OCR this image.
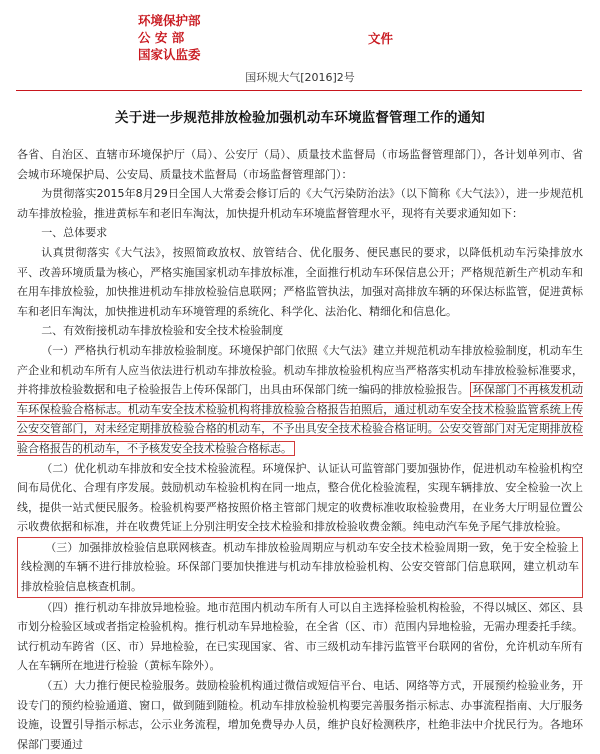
环境保护部
公 安 部
国家认监委
文件
国环规大气[2016]2号
关于进一步规范排放检验加强机动车环境监督管理工作的通知

各省、自治区、直辖市环境保护厅（局）、公安厅（局）、质量技术监督局（市场监督管理部门），各计划单列市、省会城市环境保护局、公安局、质量技术监督局（市场监督管理部门）：

为贯彻落实2015年8月29日全国人大常委会修订后的《大气污染防治法》（以下简称《大气法》），进一步规范机动车排放检验，推进黄标车和老旧车淘汰，加快提升机动车环境监督管理水平，现将有关要求通知如下：

一、总体要求

认真贯彻落实《大气法》，按照简政放权、放管结合、优化服务、便民惠民的要求，以降低机动车污染排放水平、改善环境质量为核心，严格实施国家机动车排放标准，全面推行机动车环保信息公开；严格规范新生产机动车和在用车排放检验，加快推进机动车排放检验信息联网；严格监管执法，加强对高排放车辆的环保达标监管，促进黄标车和老旧车淘汰，加快推进机动车环境管理的系统化、科学化、法治化、精细化和信息化。

二、有效衔接机动车排放检验和安全技术检验制度

（一）严格执行机动车排放检验制度。环境保护部门依照《大气法》建立并规范机动车排放检验制度，机动车生产企业和机动车所有人应当依法进行机动车排放检验。机动车排放检验机构应当严格落实机动车排放检验标准要求，并将排放检验数据和电子检验报告上传环保部门，出具由环保部门统一编码的排放检验报告。 环保部门不再核发机动车环保检验合格标志。机动车安全技术检验机构将排放检验合格报告拍照后，通过机动车安全技术检验监管系统上传公安交管部门，对未经定期排放检验合格的机动车，不予出具安全技术检验合格证明。公安交管部门对无定期排放检验合格报告的机动车，不予核发安全技术检验合格标志。

（二）优化机动车排放和安全技术检验流程。环境保护、认证认可监管部门要加强协作，促进机动车检验机构空间布局优化、合理有序发展。鼓励机动车检验机构在同一地点，整合优化检验流程，实现车辆排放、安全检验一次上线，提供一站式便民服务。检验机构要严格按照价格主管部门规定的收费标准收取检验费用，在业务大厅明显位置公示收费依据和标准，并在收费凭证上分别注明安全技术检验和排放检验收费金额。纯电动汽车免予尾气排放检验。

（三）加强排放检验信息联网核查。机动车排放检验周期应与机动车安全技术检验周期一致，免于安全检验上线检测的车辆不进行排放检验。环保部门要加快推进与机动车排放检验机构、公安交管部门信息联网，建立机动车排放检验信息核查机制。

（四）推行机动车排放异地检验。地市范围内机动车所有人可以自主选择检验机构检验，不得以城区、郊区、县市划分检验区域或者指定检验机构。推行机动车异地检验，在全省（区、市）范围内异地检验，无需办理委托手续。试行机动车跨省（区、市）异地检验，在已实现国家、省、市三级机动车排污监管平台联网的省份，允许机动车所有人在车辆所在地进行检验（黄标车除外）。

（五）大力推行便民检验服务。鼓励检验机构通过微信或短信平台、电话、网络等方式，开展预约检验业务，开设专门的预约检验通道、窗口，做到随到随检。机动车排放检验机构要完善服务指示标志、办事流程指南、大厅服务设施，设置引导指示标志，公示业务流程，增加免费导办人员，维护良好检测秩序，杜绝非法中介扰民行为。各地环保部门要通过
